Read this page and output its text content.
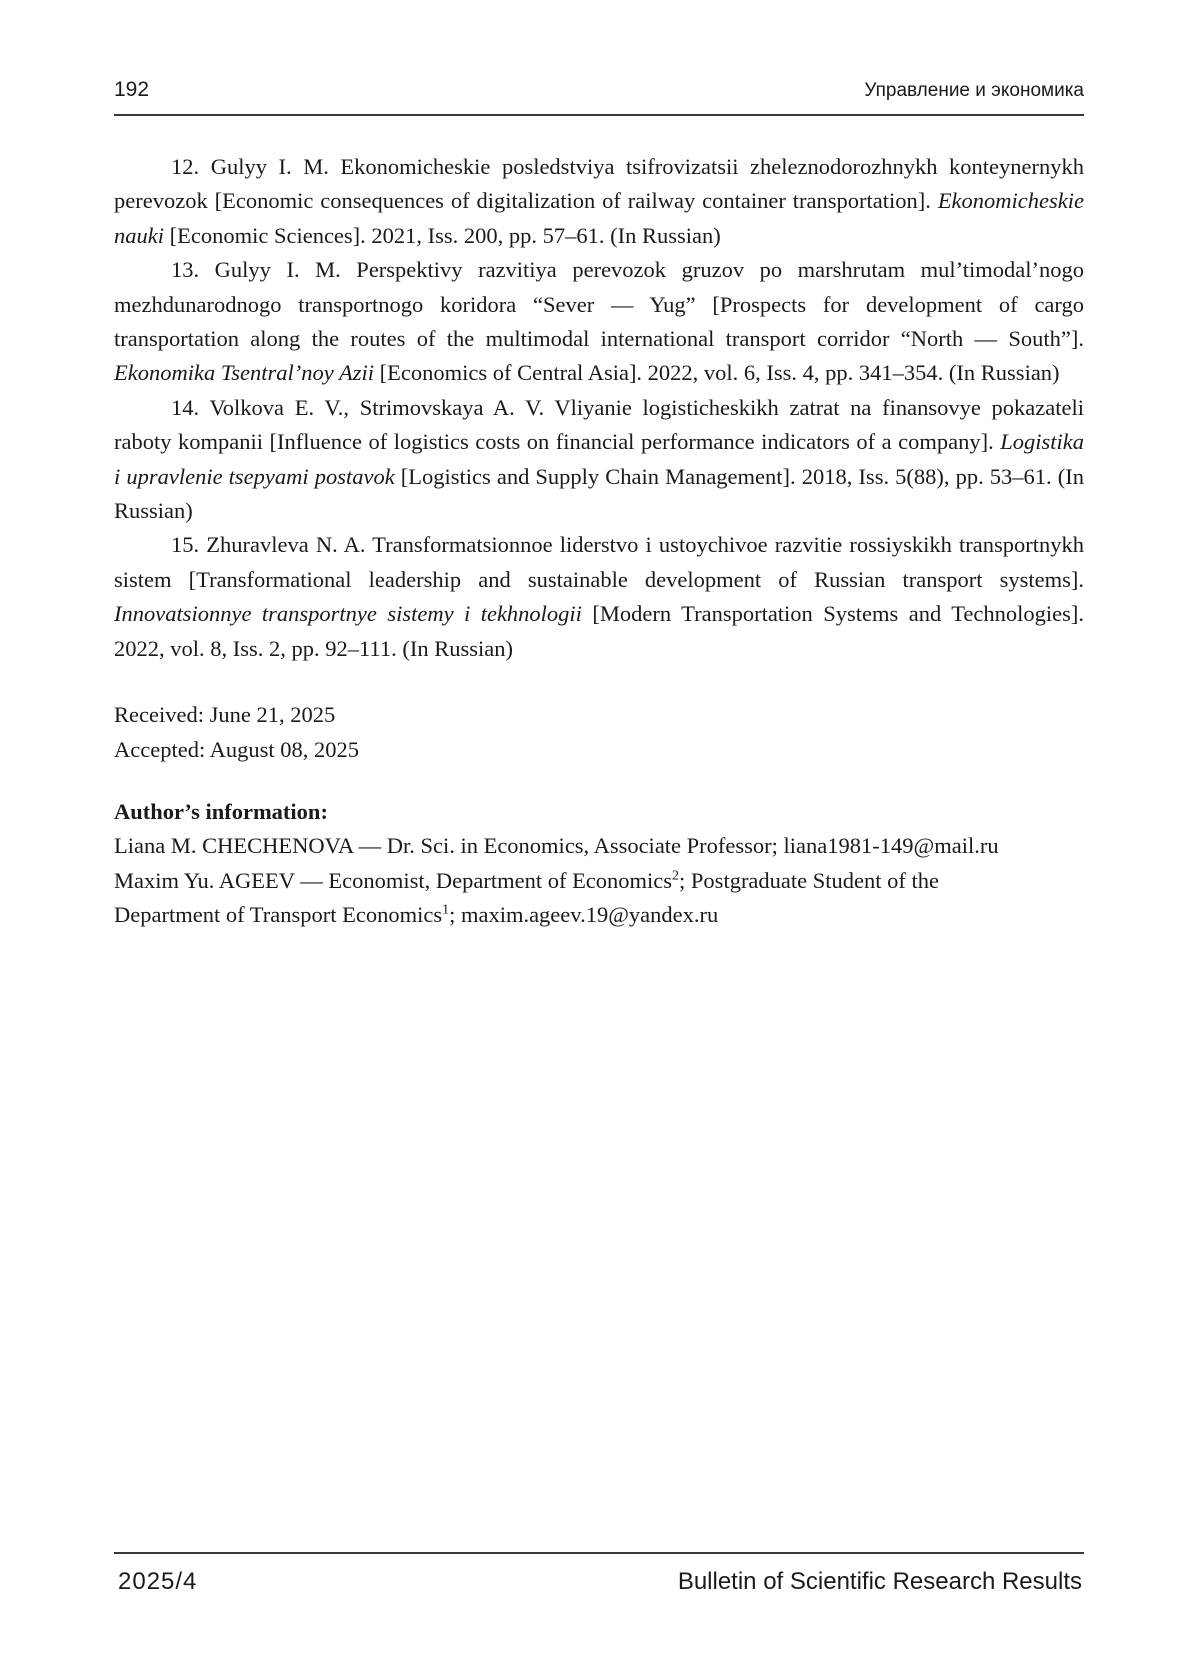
192	Управление и экономика

12. Gulyy I. M. Ekonomicheskie posledstviya tsifrovizatsii zheleznodorozhnykh konteynernykh perevozok [Economic consequences of digitalization of railway container transportation]. Ekonomicheskie nauki [Economic Sciences]. 2021, Iss. 200, pp. 57–61. (In Russian)

13. Gulyy I. M. Perspektivy razvitiya perevozok gruzov po marshrutam mul’timodal’nogo mezhdunarodnogo transportnogo koridora “Sever — Yug” [Prospects for development of cargo transportation along the routes of the multimodal international transport corridor “North — South”]. Ekonomika Tsentral’noy Azii [Economics of Central Asia]. 2022, vol. 6, Iss. 4, pp. 341–354. (In Russian)

14. Volkova E. V., Strimovskaya A. V. Vliyanie logisticheskikh zatrat na finansovye pokazateli raboty kompanii [Influence of logistics costs on financial performance indicators of a company]. Logistika i upravlenie tsepyami postavok [Logistics and Supply Chain Management]. 2018, Iss. 5(88), pp. 53–61. (In Russian)

15. Zhuravleva N. A. Transformatsionnoe liderstvo i ustoychivoe razvitie rossiyskikh transportnykh sistem [Transformational leadership and sustainable development of Russian transport systems]. Innovatsionnye transportnye sistemy i tekhnologii [Modern Transportation Systems and Technologies]. 2022, vol. 8, Iss. 2, pp. 92–111. (In Russian)

Received: June 21, 2025
Accepted: August 08, 2025

Author’s information:

Liana M. CHECHENOVA — Dr. Sci. in Economics, Associate Professor; liana1981-149@mail.ru

Maxim Yu. AGEEV — Economist, Department of Economics$^2$; Postgraduate Student of the
Department of Transport Economics$^1$; maxim.ageev.19@yandex.ru

2025/4	Bulletin of Scientific Research Results
